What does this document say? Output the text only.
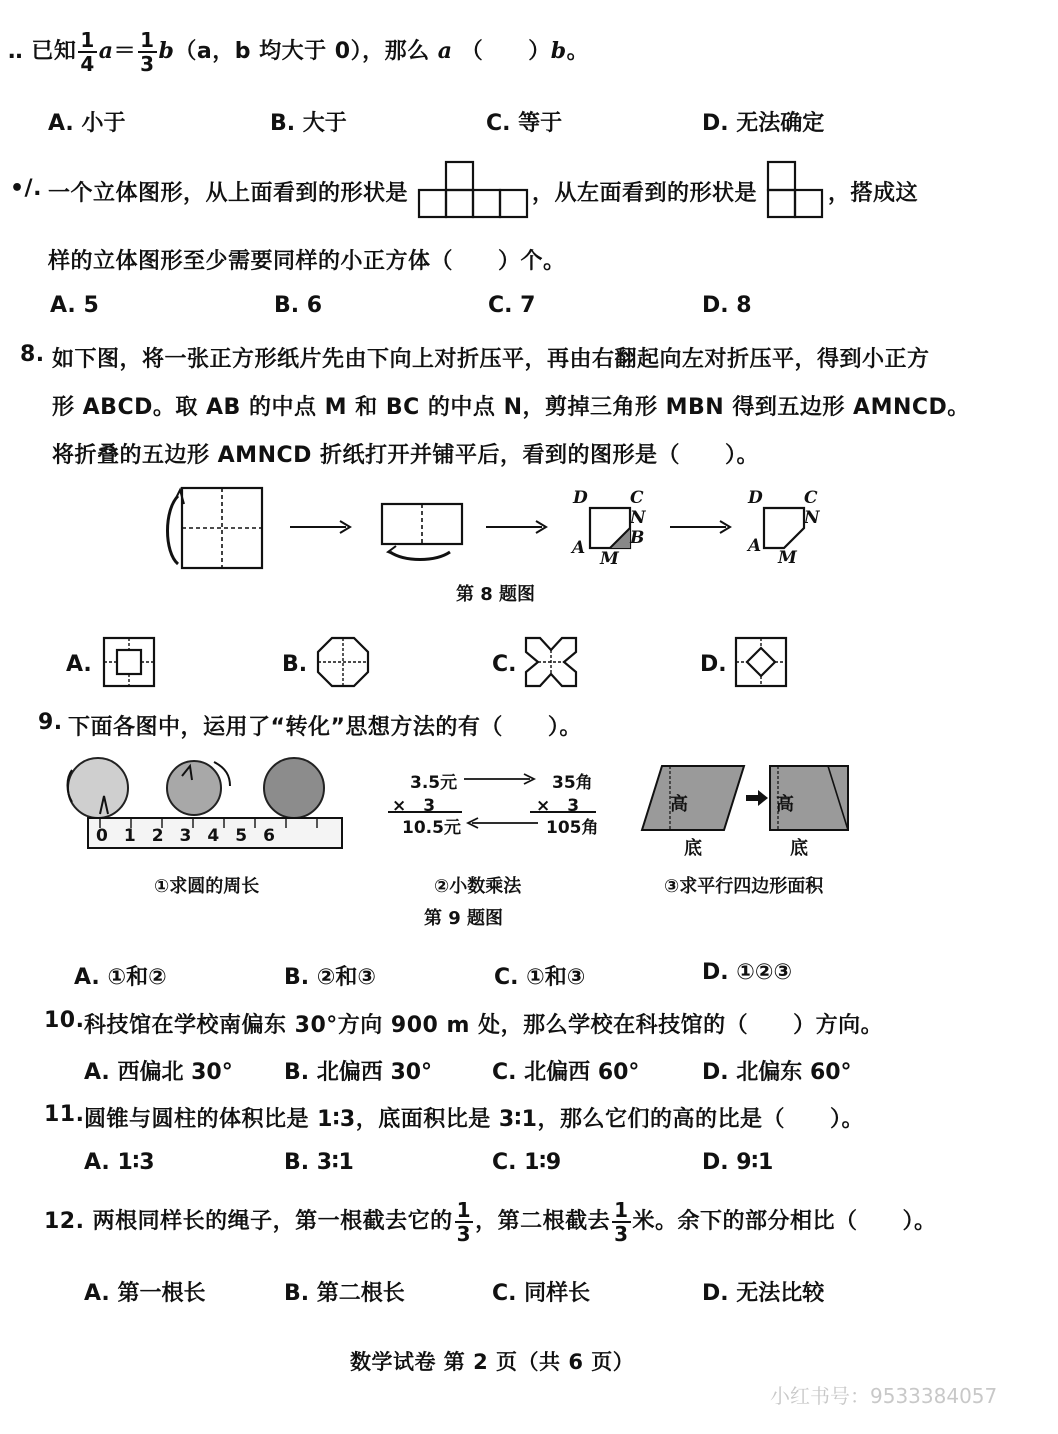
‥ 已知 $\frac{1}{4} a= \frac{1}{3} b(a$，b 均大于 0），那么 a （　　）b。
A. 小于	B. 大于	C. 等于	D. 无法确定
•/. 一个立体图形，从上面看到的形状是	，从左面看到的形状是	，搭成这
样的立体图形至少需要同样的小正方体（　　）个。
A. 5	B. 6	C. 7	D. 8
8. 如下图，将一张正方形纸片先由下向上对折压平，再由右翻起向左对折压平，得到小正方
形 ABCD。取 AB 的中点 M 和 BC 的中点 N，剪掉三角形 MBN 得到五边形 AMNCD。
将折叠的五边形 AMNCD 折纸打开并铺平后，看到的图形是（　　）。
D C
N
B
A
M
D C
N
A
M
第 8 题图
A.	B.	C.	D.
9. 下面各图中，运用了“转化”思想方法的有（　　）。
0123456
3.5元	35角
×　3	×　3
10.5元	105角
高	高
底	底
①求圆的周长	②小数乘法	③求平行四边形面积
第 9 题图
A. ①和②	B. ②和③	C. ①和③	D. ①②③
10. 科技馆在学校南偏东 30°方向 900 m 处，那么学校在科技馆的（　　）方向。
A. 西偏北 30° B. 北偏西 30°	C. 北偏西 60°	D. 北偏东 60°
11. 圆锥与圆柱的体积比是 1∶3，底面积比是 3∶1，那么它们的高的比是（　　）。
A. 1∶3	B. 3∶1	C. 1∶9	D. 9∶1
12. 两根同样长的绳子，第一根截去它的 $\frac{1}{3}$ ，第二根截去 $\frac{1}{3}$ 米。余下的部分相比（　　）。
A. 第一根长	B. 第二根长	C. 同样长	D. 无法比较
数学试卷 第 2 页（共 6 页）
小红书号：9533384057
